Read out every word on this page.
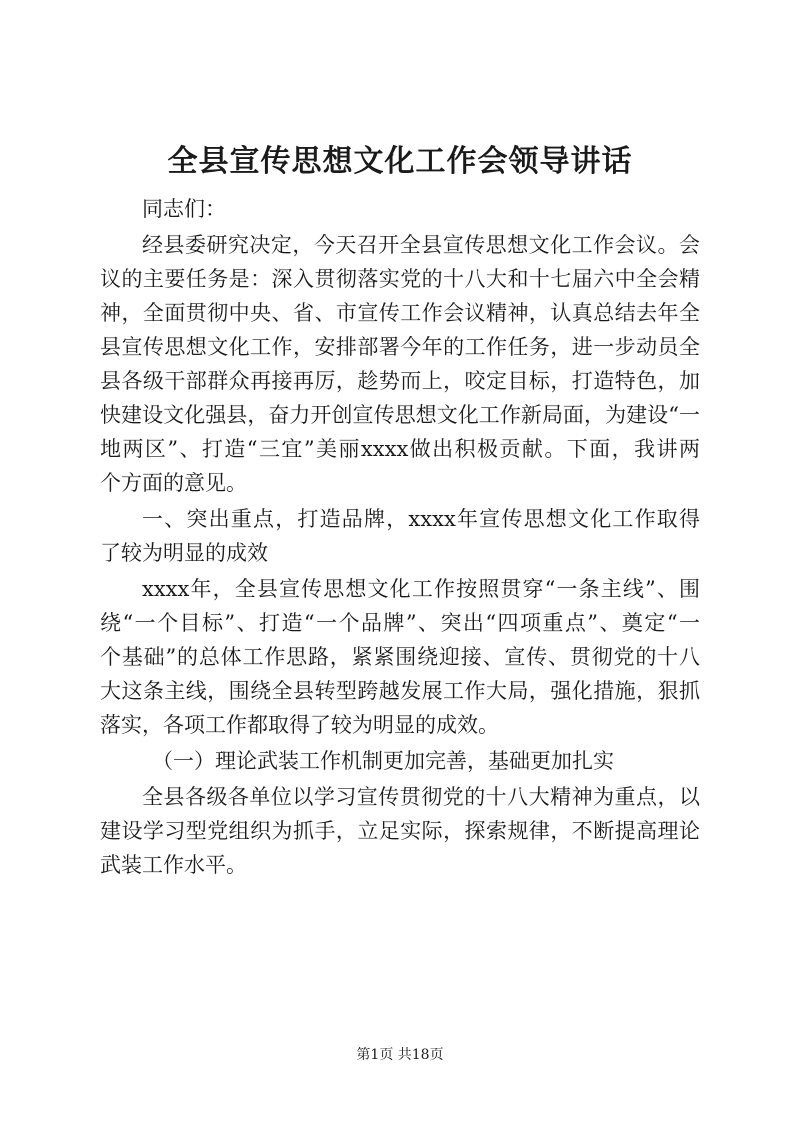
全县宣传思想文化工作会领导讲话
同志们：
经县委研究决定，今天召开全县宣传思想文化工作会议。会
议的主要任务是：深入贯彻落实党的十八大和十七届六中全会精
神，全面贯彻中央、省、市宣传工作会议精神，认真总结去年全
县宣传思想文化工作，安排部署今年的工作任务，进一步动员全
县各级干部群众再接再厉，趁势而上，咬定目标，打造特色，加
快建设文化强县，奋力开创宣传思想文化工作新局面，为建设“一
地两区”、打造“三宜”美丽xxxx做出积极贡献。下面，我讲两
个方面的意见。
一、突出重点，打造品牌，xxxx年宣传思想文化工作取得
了较为明显的成效
xxxx年，全县宣传思想文化工作按照贯穿“一条主线”、围
绕“一个目标”、打造“一个品牌”、突出“四项重点”、奠定“一
个基础”的总体工作思路，紧紧围绕迎接、宣传、贯彻党的十八
大这条主线，围绕全县转型跨越发展工作大局，强化措施，狠抓
落实，各项工作都取得了较为明显的成效。
（一）理论武装工作机制更加完善，基础更加扎实
全县各级各单位以学习宣传贯彻党的十八大精神为重点，以
建设学习型党组织为抓手，立足实际，探索规律，不断提高理论
武装工作水平。
第1页 共18页
